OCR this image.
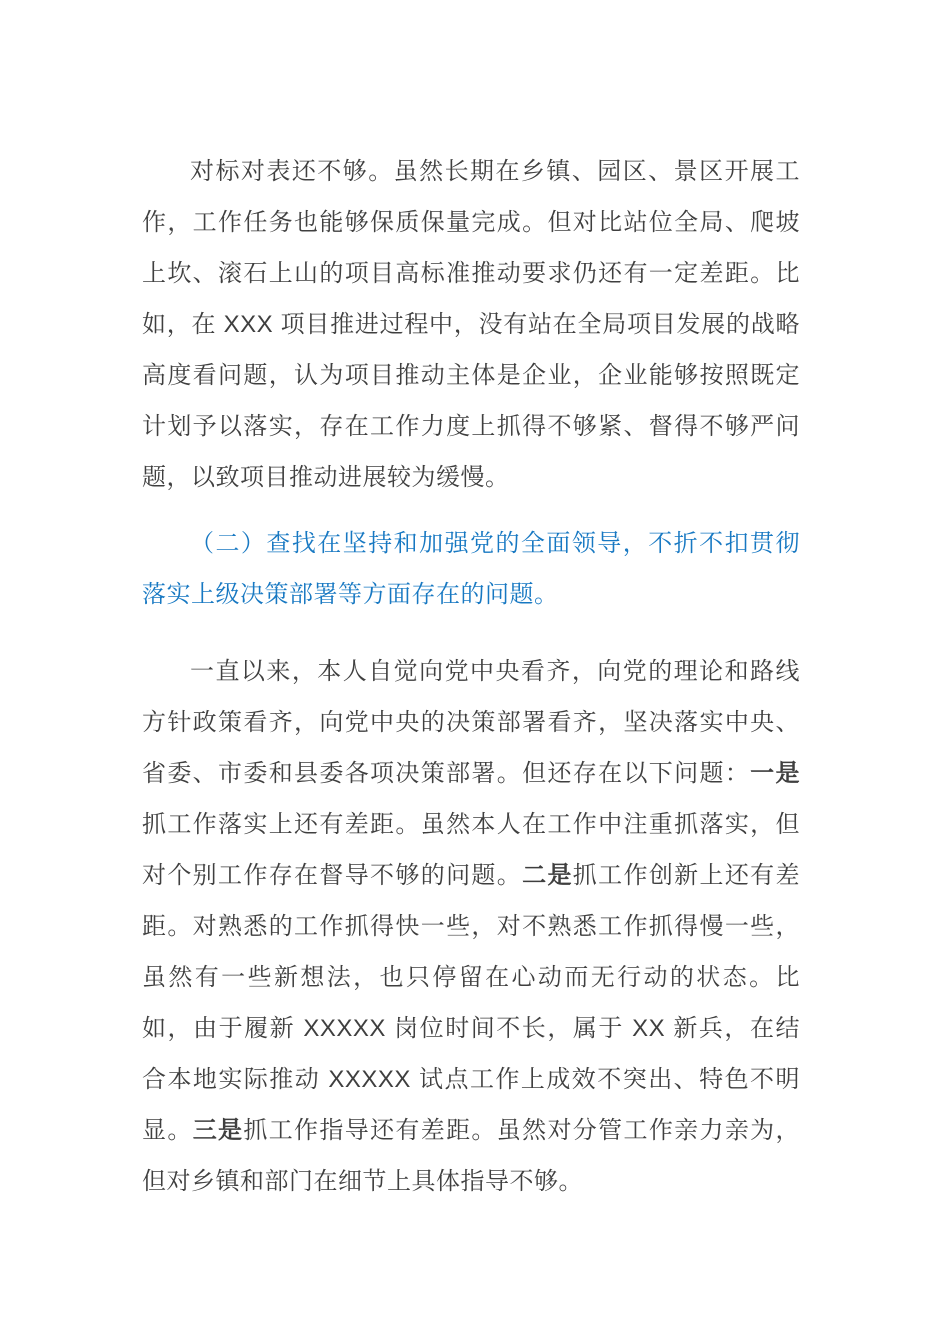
对标对表还不够。虽然长期在乡镇、园区、景区开展工作，工作任务也能够保质保量完成。但对比站位全局、爬坡上坎、滚石上山的项目高标准推动要求仍还有一定差距。比如，在 XXX 项目推进过程中，没有站在全局项目发展的战略高度看问题，认为项目推动主体是企业，企业能够按照既定计划予以落实，存在工作力度上抓得不够紧、督得不够严问题，以致项目推动进展较为缓慢。

（二）查找在坚持和加强党的全面领导，不折不扣贯彻落实上级决策部署等方面存在的问题。

一直以来，本人自觉向党中央看齐，向党的理论和路线方针政策看齐，向党中央的决策部署看齐，坚决落实中央、省委、市委和县委各项决策部署。但还存在以下问题：一是抓工作落实上还有差距。虽然本人在工作中注重抓落实，但对个别工作存在督导不够的问题。二是抓工作创新上还有差距。对熟悉的工作抓得快一些，对不熟悉工作抓得慢一些，虽然有一些新想法，也只停留在心动而无行动的状态。比如，由于履新 XXXXX 岗位时间不长，属于 XX 新兵，在结合本地实际推动 XXXXX 试点工作上成效不突出、特色不明显。三是抓工作指导还有差距。虽然对分管工作亲力亲为，但对乡镇和部门在细节上具体指导不够。
